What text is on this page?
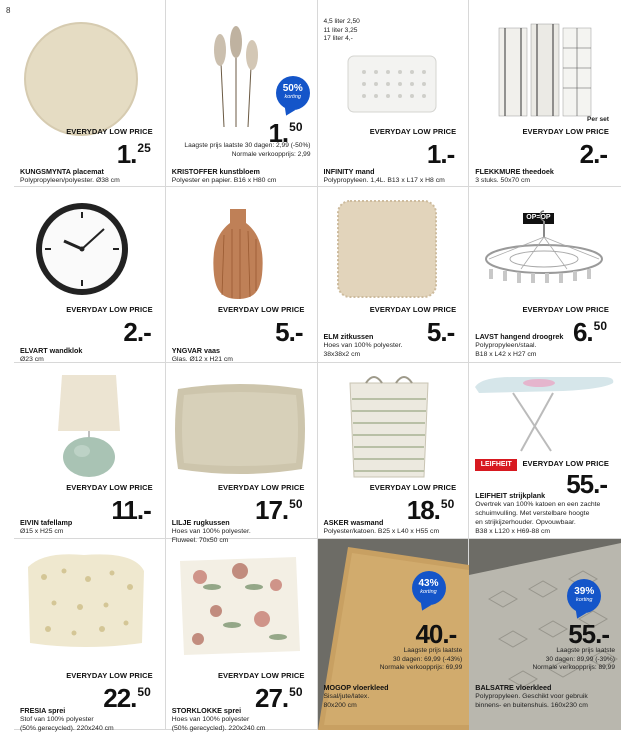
8
EVERYDAY LOW PRICE
1.25
KUNGSMYNTA placemat
Polypropyleen/polyester. Ø38 cm
50%
korting
1.50
Laagste prijs laatste 30 dagen: 2,99 (-50%)
Normale verkoopprijs: 2,99
KRISTOFFER kunstbloem
Polyester en papier. B16 x H80 cm
4,5 liter 2,50
11 liter 3,25
17 liter 4,-
EVERYDAY LOW PRICE
1.-
INFINITY mand
Polypropyleen. 1,4L. B13 x L17 x H8 cm
Per set
EVERYDAY LOW PRICE
2.-
FLEKKMURE theedoek
3 stuks. 50x70 cm
EVERYDAY LOW PRICE
2.-
ELVART wandklok
Ø23 cm
EVERYDAY LOW PRICE
5.-
YNGVAR vaas
Glas. Ø12 x H21 cm
EVERYDAY LOW PRICE
5.-
ELM zitkussen
Hoes van 100% polyester.
38x38x2 cm
OP=OP
EVERYDAY LOW PRICE
6.50
LAVST hangend droogrek
Polypropyleen/staal.
B18 x L42 x H27 cm
EVERYDAY LOW PRICE
11.-
EIVIN tafellamp
Ø15 x H25 cm
EVERYDAY LOW PRICE
17.50
LILJE rugkussen
Hoes van 100% polyester.
Fluweel. 70x50 cm
EVERYDAY LOW PRICE
18.50
ASKER wasmand
Polyester/katoen. B25 x L40 x H55 cm
LEIFHEIT	EVERYDAY LOW PRICE
55.-
LEIFHEIT strijkplank
Overtrek van 100% katoen en een zachte
schuimvulling. Met verstelbare hoogte
en strijkijzerhouder. Opvouwbaar.
B38 x L120 x H69-88 cm
EVERYDAY LOW PRICE
22.50
FRESIA sprei
Stof van 100% polyester
(50% gerecycled). 220x240 cm
EVERYDAY LOW PRICE
27.50
STORKLOKKE sprei
Hoes van 100% polyester
(50% gerecycled). 220x240 cm
43%
korting
40.-
Laagste prijs laatste
30 dagen: 69,99 (-43%)
Normale verkoopprijs: 69,99
MOGOP vloerkleed
Sisal/jute/latex.
80x200 cm
39%
korting
55.-
Laagste prijs laatste
30 dagen: 89,99 (-39%)
Normale verkoopprijs: 89,99
BALSATRE vloerkleed
Polypropyleen. Geschikt voor gebruik
binnens- en buitenshuis. 160x230 cm
